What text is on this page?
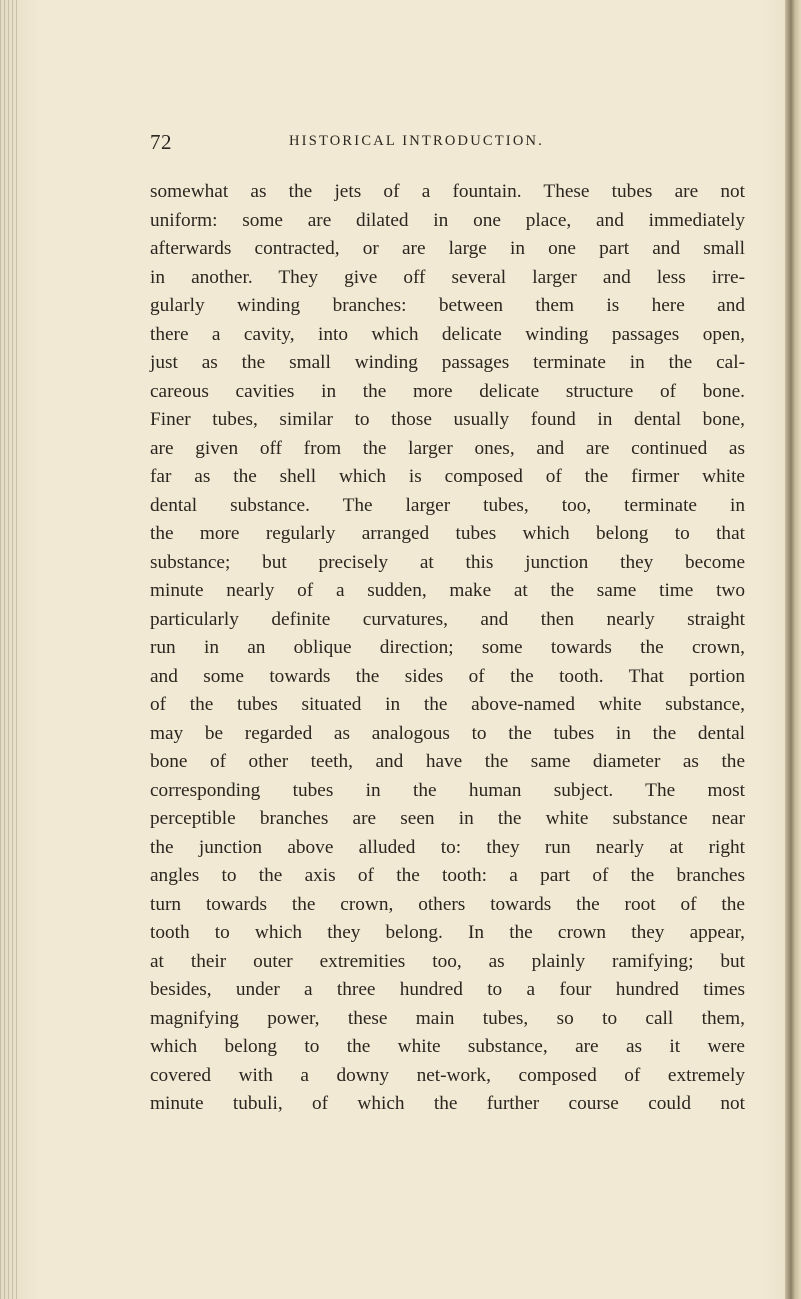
72	HISTORICAL INTRODUCTION.
somewhat as the jets of a fountain. These tubes are not
uniform: some are dilated in one place, and immediately
afterwards contracted, or are large in one part and small
in another. They give off several larger and less irre-
gularly winding branches: between them is here and
there a cavity, into which delicate winding passages open,
just as the small winding passages terminate in the cal-
careous cavities in the more delicate structure of bone.
Finer tubes, similar to those usually found in dental bone,
are given off from the larger ones, and are continued as
far as the shell which is composed of the firmer white
dental substance. The larger tubes, too, terminate in
the more regularly arranged tubes which belong to that
substance; but precisely at this junction they become
minute nearly of a sudden, make at the same time two
particularly definite curvatures, and then nearly straight
run in an oblique direction; some towards the crown,
and some towards the sides of the tooth. That portion
of the tubes situated in the above-named white substance,
may be regarded as analogous to the tubes in the dental
bone of other teeth, and have the same diameter as the
corresponding tubes in the human subject. The most
perceptible branches are seen in the white substance near
the junction above alluded to: they run nearly at right
angles to the axis of the tooth: a part of the branches
turn towards the crown, others towards the root of the
tooth to which they belong. In the crown they appear,
at their outer extremities too, as plainly ramifying; but
besides, under a three hundred to a four hundred times
magnifying power, these main tubes, so to call them,
which belong to the white substance, are as it were
covered with a downy net-work, composed of extremely
minute tubuli, of which the further course could not
